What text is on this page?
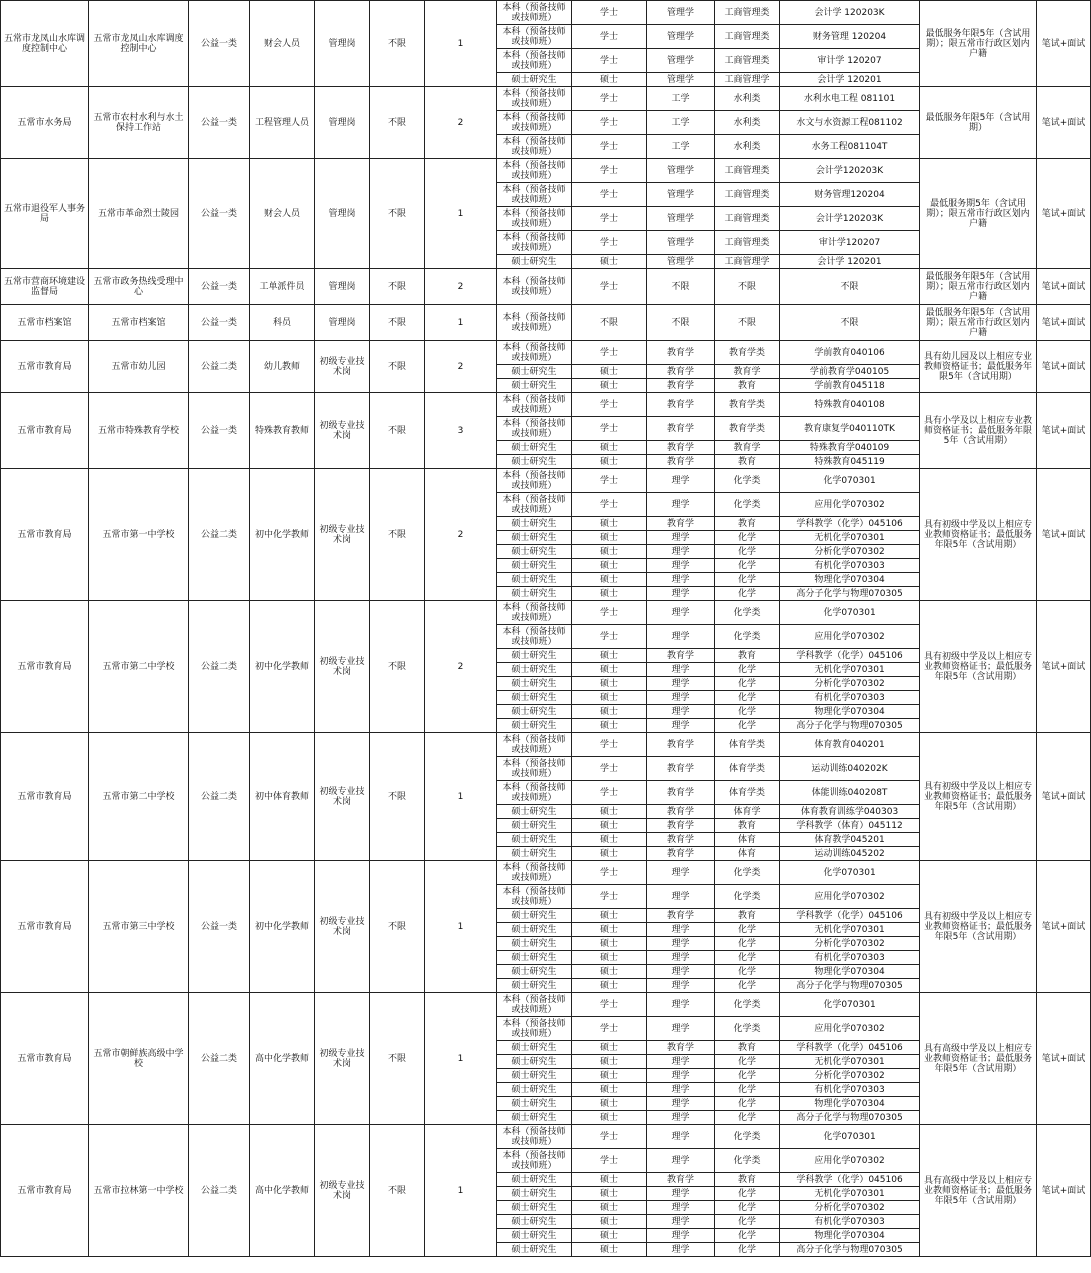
五常市龙凤山水库调度控制中心	五常市龙凤山水库调度控制中心	公益一类	财会人员	管理岗	不限	1	本科（预备技师或技师班）	学士	管理学	工商管理类	会计学 120203K	最低服务年限5年（含试用期）；限五常市行政区划内户籍	笔试+面试
							本科（预备技师或技师班）	学士	管理学	工商管理类	财务管理 120204		
							本科（预备技师或技师班）	学士	管理学	工商管理类	审计学 120207		
							硕士研究生	硕士	管理学	工商管理学	会计学 120201		
五常市水务局	五常市农村水利与水土保持工作站	公益一类	工程管理人员	管理岗	不限	2	本科（预备技师或技师班）	学士	工学	水利类	水利水电工程 081101	最低服务年限5年（含试用期）	笔试+面试
							本科（预备技师或技师班）	学士	工学	水利类	水文与水资源工程081102		
							本科（预备技师或技师班）	学士	工学	水利类	水务工程081104T		
五常市退役军人事务局	五常市革命烈士陵园	公益一类	财会人员	管理岗	不限	1	本科（预备技师或技师班）	学士	管理学	工商管理类	会计学120203K	最低服务期5年（含试用期）；限五常市行政区划内户籍	笔试+面试
							本科（预备技师或技师班）	学士	管理学	工商管理类	财务管理120204		
							本科（预备技师或技师班）	学士	管理学	工商管理类	会计学120203K		
							本科（预备技师或技师班）	学士	管理学	工商管理类	审计学120207		
							硕士研究生	硕士	管理学	工商管理学	会计学 120201		
五常市营商环境建设监督局	五常市政务热线受理中心	公益一类	工单派件员	管理岗	不限	2	本科（预备技师或技师班）	学士	不限	不限	不限	最低服务年限5年（含试用期）；限五常市行政区划内户籍	笔试+面试
五常市档案馆	五常市档案馆	公益一类	科员	管理岗	不限	1	本科（预备技师或技师班）	不限	不限	不限	不限	最低服务年限5年（含试用期）；限五常市行政区划内户籍	笔试+面试
五常市教育局	五常市幼儿园	公益二类	幼儿教师	初级专业技术岗	不限	2	本科（预备技师或技师班）	学士	教育学	教育学类	学前教育040106	具有幼儿园及以上相应专业教师资格证书；最低服务年限5年（含试用期）	笔试+面试
							硕士研究生	硕士	教育学	教育学	学前教育学040105		
							硕士研究生	硕士	教育学	教育	学前教育045118		
五常市教育局	五常市特殊教育学校	公益一类	特殊教育教师	初级专业技术岗	不限	3	本科（预备技师或技师班）	学士	教育学	教育学类	特殊教育040108	具有小学及以上相应专业教师资格证书；最低服务年限5年（含试用期）	笔试+面试
							本科（预备技师或技师班）	学士	教育学	教育学类	教育康复学040110TK		
							硕士研究生	硕士	教育学	教育学	特殊教育学040109		
							硕士研究生	硕士	教育学	教育	特殊教育045119		
五常市教育局	五常市第一中学校	公益二类	初中化学教师	初级专业技术岗	不限	2	本科（预备技师或技师班）	学士	理学	化学类	化学070301	具有初级中学及以上相应专业教师资格证书；最低服务年限5年（含试用期）	笔试+面试
							本科（预备技师或技师班）	学士	理学	化学类	应用化学070302		
							硕士研究生	硕士	教育学	教育	学科教学（化学）045106		
							硕士研究生	硕士	理学	化学	无机化学070301		
							硕士研究生	硕士	理学	化学	分析化学070302		
							硕士研究生	硕士	理学	化学	有机化学070303		
							硕士研究生	硕士	理学	化学	物理化学070304		
							硕士研究生	硕士	理学	化学	高分子化学与物理070305		
五常市教育局	五常市第二中学校	公益二类	初中化学教师	初级专业技术岗	不限	2	本科（预备技师或技师班）	学士	理学	化学类	化学070301	具有初级中学及以上相应专业教师资格证书；最低服务年限5年（含试用期）	笔试+面试
							本科（预备技师或技师班）	学士	理学	化学类	应用化学070302		
							硕士研究生	硕士	教育学	教育	学科教学（化学）045106		
							硕士研究生	硕士	理学	化学	无机化学070301		
							硕士研究生	硕士	理学	化学	分析化学070302		
							硕士研究生	硕士	理学	化学	有机化学070303		
							硕士研究生	硕士	理学	化学	物理化学070304		
							硕士研究生	硕士	理学	化学	高分子化学与物理070305		
五常市教育局	五常市第二中学校	公益二类	初中体育教师	初级专业技术岗	不限	1	本科（预备技师或技师班）	学士	教育学	体育学类	体育教育040201	具有初级中学及以上相应专业教师资格证书；最低服务年限5年（含试用期）	笔试+面试
							本科（预备技师或技师班）	学士	教育学	体育学类	运动训练040202K		
							本科（预备技师或技师班）	学士	教育学	体育学类	体能训练040208T		
							硕士研究生	硕士	教育学	体育学	体育教育训练学040303		
							硕士研究生	硕士	教育学	教育	学科教学（体育）045112		
							硕士研究生	硕士	教育学	体育	体育教学045201		
							硕士研究生	硕士	教育学	体育	运动训练045202		
五常市教育局	五常市第三中学校	公益一类	初中化学教师	初级专业技术岗	不限	1	本科（预备技师或技师班）	学士	理学	化学类	化学070301	具有初级中学及以上相应专业教师资格证书；最低服务年限5年（含试用期）	笔试+面试
							本科（预备技师或技师班）	学士	理学	化学类	应用化学070302		
							硕士研究生	硕士	教育学	教育	学科教学（化学）045106		
							硕士研究生	硕士	理学	化学	无机化学070301		
							硕士研究生	硕士	理学	化学	分析化学070302		
							硕士研究生	硕士	理学	化学	有机化学070303		
							硕士研究生	硕士	理学	化学	物理化学070304		
							硕士研究生	硕士	理学	化学	高分子化学与物理070305		
五常市教育局	五常市朝鲜族高级中学校	公益二类	高中化学教师	初级专业技术岗	不限	1	本科（预备技师或技师班）	学士	理学	化学类	化学070301	具有高级中学及以上相应专业教师资格证书；最低服务年限5年（含试用期）	笔试+面试
							本科（预备技师或技师班）	学士	理学	化学类	应用化学070302		
							硕士研究生	硕士	教育学	教育	学科教学（化学）045106		
							硕士研究生	硕士	理学	化学	无机化学070301		
							硕士研究生	硕士	理学	化学	分析化学070302		
							硕士研究生	硕士	理学	化学	有机化学070303		
							硕士研究生	硕士	理学	化学	物理化学070304		
							硕士研究生	硕士	理学	化学	高分子化学与物理070305		
五常市教育局	五常市拉林第一中学校	公益二类	高中化学教师	初级专业技术岗	不限	1	本科（预备技师或技师班）	学士	理学	化学类	化学070301	具有高级中学及以上相应专业教师资格证书；最低服务年限5年（含试用期）	笔试+面试
							本科（预备技师或技师班）	学士	理学	化学类	应用化学070302		
							硕士研究生	硕士	教育学	教育	学科教学（化学）045106		
							硕士研究生	硕士	理学	化学	无机化学070301		
							硕士研究生	硕士	理学	化学	分析化学070302		
							硕士研究生	硕士	理学	化学	有机化学070303		
							硕士研究生	硕士	理学	化学	物理化学070304		
							硕士研究生	硕士	理学	化学	高分子化学与物理070305		
